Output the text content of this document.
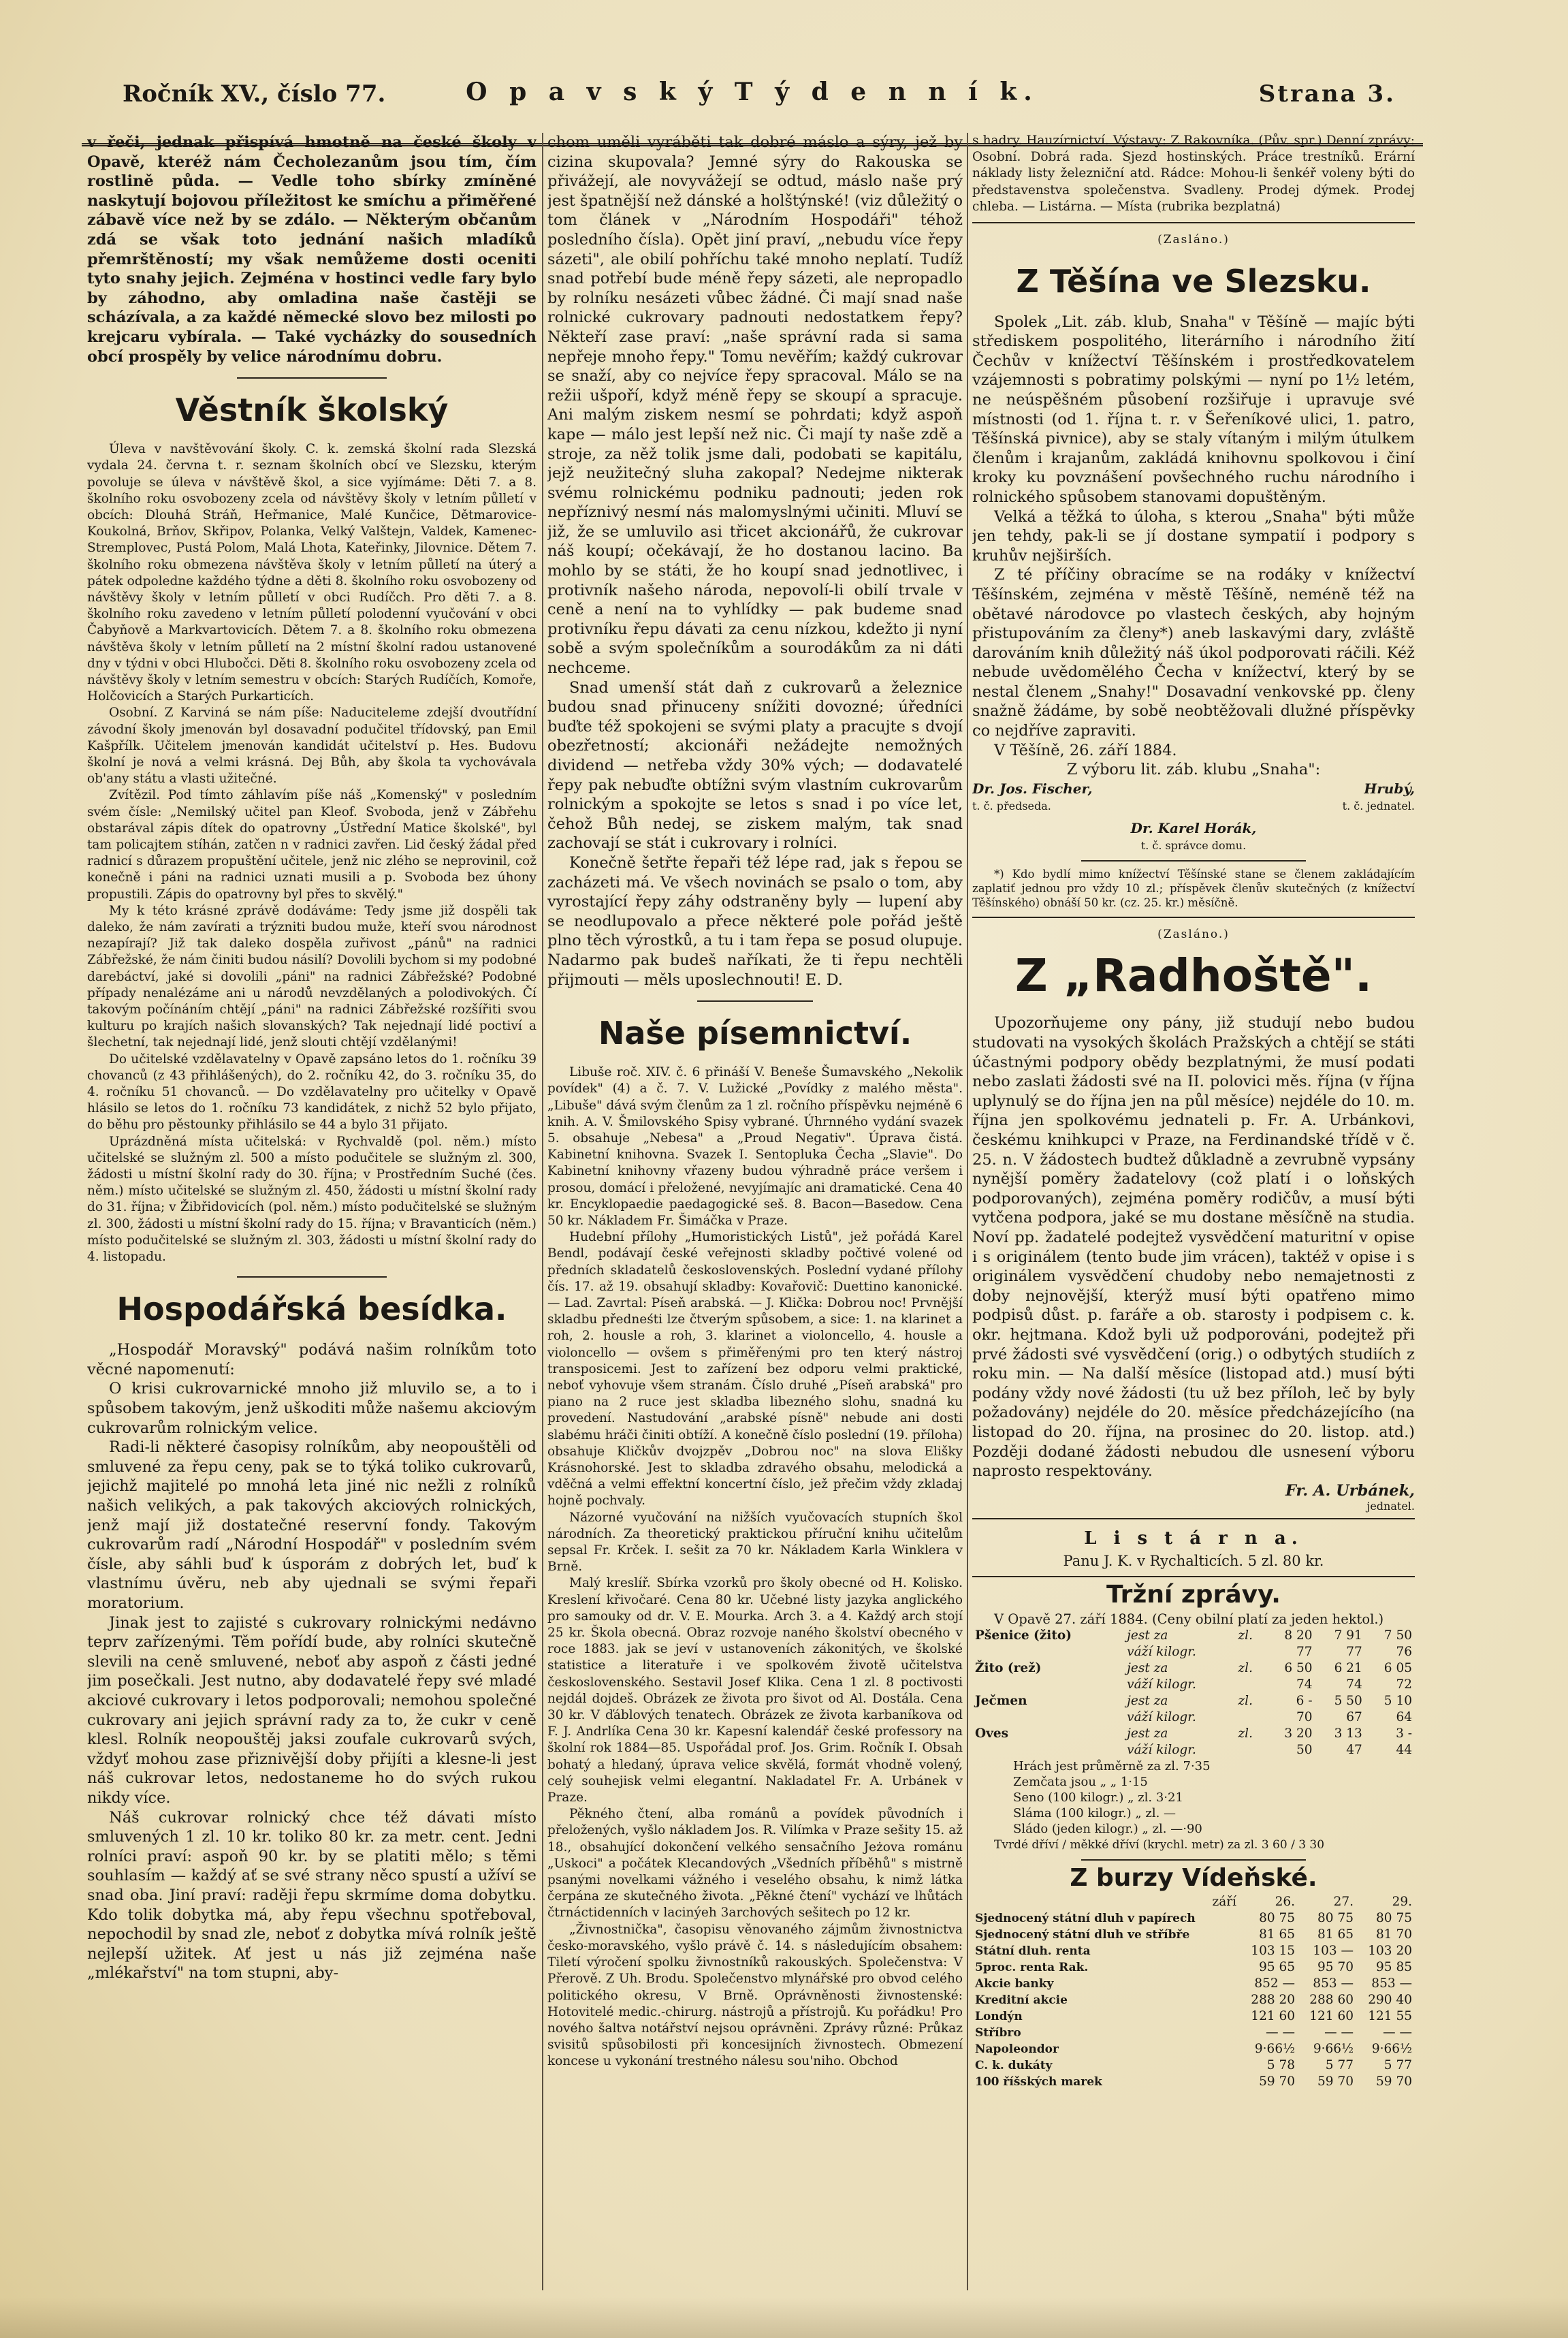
Ročník XV., číslo 77.	O p a v s k ý T ý d e n n í k.	Strana 3.

v řeči, jednak přispívá hmotně na české školy v Opavě, kteréž nám Čecholezanům jsou tím, čím rostlině půda. — Vedle toho sbírky zmíněné naskytují bojovou příležitost ke smíchu a přiměřené zábavě více než by se zdálo. — Některým občanům zdá se však toto jednání našich mladíků přemrštěností; my však nemůžeme dosti oceniti tyto snahy jejich. Zejména v hostinci vedle fary bylo by záhodno, aby omladina naše častěji se scházívala, a za každé německé slovo bez milosti po krejcaru vybírala. — Také vycházky do sousedních obcí prospěly by velice národnímu dobru.

Věstník školský

Úleva v navštěvování školy. C. k. zemská školní rada Slezská vydala 24. června t. r. seznam školních obcí ve Slezsku, kterým povoluje se úleva v návštěvě škol, a sice vyjímáme: Děti 7. a 8. školního roku osvobozeny zcela od návštěvy školy v letním půlletí v obcích: Dlouhá Stráň, Heřmanice, Malé Kunčice, Dětmarovice-Koukolná, Brňov, Skřipov, Polanka, Velký Valštejn, Valdek, Kamenec-Stremplovec, Pustá Polom, Malá Lhota, Kateřinky, Jilovnice. Dětem 7. školního roku obmezena návštěva školy v letním půlletí na úterý a pátek odpoledne každého týdne a děti 8. školního roku osvobozeny od návštěvy školy v letním půlletí v obci Rudíčch. Pro děti 7. a 8. školního roku zavedeno v letním půlletí polodenní vyučování v obci Čabyňově a Markvartovicích. Dětem 7. a 8. školního roku obmezena návštěva školy v letním půlletí na 2 místní školní radou ustanovené dny v týdni v obci Hlubočci. Děti 8. školního roku osvobozeny zcela od návštěvy školy v letním semestru v obcích: Starých Rudíčích, Komoře, Holčovicích a Starých Purkarticích.

Osobní. Z Karviná se nám píše: Naduciteleme zdejší dvoutřídní závodní školy jmenován byl dosavadní podučitel třídovský, pan Emil Kašpřílk. Učitelem jmenován kandidát učitelství p. Hes. Budovu školní je nová a velmi krásná. Dej Bůh, aby škola ta vychovávala ob'any státu a vlasti užitečné.

Zvítězil. Pod tímto záhlavím píše náš „Komenský" v posledním svém čísle: „Nemilský učitel pan Kleof. Svoboda, jenž v Zábřehu obstarával zápis dítek do opatrovny „Ústřední Matice školské", byl tam policajtem stíhán, zatčen n v radnici zavřen. Lid český žádal před radnicí s důrazem propuštění učitele, jenž nic zlého se neprovinil, což konečně i páni na radnici uznati musili a p. Svoboda bez úhony propustili. Zápis do opatrovny byl přes to skvělý."

My k této krásné zprávě dodáváme: Tedy jsme již dospěli tak daleko, že nám zavírati a trýzniti budou muže, kteří svou národnost nezapírají? Již tak daleko dospěla zuřivost „pánů" na radnici Zábřežské, že nám činiti budou násilí? Dovolili bychom si my podobné darebáctví, jaké si dovolili „páni" na radnici Zábřežské? Podobné případy nenalézáme ani u národů nevzdělaných a polodivokých. Čí takovým počínáním chtějí „páni" na radnici Zábřežské rozšířiti svou kulturu po krajích našich slovanských? Tak nejednají lidé poctiví a šlechetní, tak nejednají lidé, jenž slouti chtějí vzdělanými!

Do učitelské vzdělavatelny v Opavě zapsáno letos do 1. ročníku 39 chovanců (z 43 přihlášených), do 2. ročníku 42, do 3. ročníku 35, do 4. ročníku 51 chovanců. — Do vzdělavatelny pro učitelky v Opavě hlásilo se letos do 1. ročníku 73 kandidátek, z nichž 52 bylo přijato, do běhu pro pěstounky přihlásilo se 44 a bylo 31 přijato.

Uprázdněná místa učitelská: v Rychvaldě (pol. něm.) místo učitelské se služným zl. 500 a místo podučitele se služným zl. 300, žádosti u místní školní rady do 30. října; v Prostředním Suché (čes. něm.) místo učitelské se služným zl. 450, žádosti u místní školní rady do 31. října; v Žibřidovicích (pol. něm.) místo podučitelské se služným zl. 300, žádosti u místní školní rady do 15. října; v Bravanticích (něm.) místo podučitelské se služným zl. 303, žádosti u místní školní rady do 4. listopadu.

Hospodářská besídka.

„Hospodář Moravský" podává našim rolníkům toto věcné napomenutí:

O krisi cukrovarnické mnoho již mluvilo se, a to i spůsobem takovým, jenž uškoditi může našemu akciovým cukrovarům rolnickým velice.

Radi-li některé časopisy rolníkům, aby neopouštěli od smluvené za řepu ceny, pak se to týká toliko cukrovarů, jejichž majitelé po mnohá leta jiné nic nežli z rolníků našich velikých, a pak takových akciových rolnických, jenž mají již dostatečné reservní fondy. Takovým cukrovarům radí „Národní Hospodář" v posledním svém čísle, aby sáhli buď k úsporám z dobrých let, buď k vlastnímu úvěru, neb aby ujednali se svými řepaři moratorium.

Jinak jest to zajisté s cukrovary rolnickými nedávno teprv zařízenými. Těm pořídí bude, aby rolníci skutečně slevili na ceně smluvené, neboť aby aspoň z části jedné jim posečkali. Jest nutno, aby dodavatelé řepy své mladé akciové cukrovary i letos podporovali; nemohou společné cukrovary ani jejich správní rady za to, že cukr v ceně klesl. Rolník neopouštěj jaksi zoufale cukrovarů svých, vždyť mohou zase přiznivější doby přijíti a klesne-li jest náš cukrovar letos, nedostaneme ho do svých rukou nikdy více.

Náš cukrovar rolnický chce též dávati místo smluvených 1 zl. 10 kr. toliko 80 kr. za metr. cent. Jedni rolníci praví: aspoň 90 kr. by se platiti mělo; s těmi souhlasím — každý ať se své strany něco spustí a užíví se snad oba. Jiní praví: raději řepu skrmíme doma dobytku. Kdo tolik dobytka má, aby řepu všechnu spotřeboval, nepochodil by snad zle, neboť z dobytka mívá rolník ještě nejlepší užitek. Ať jest u nás již zejména naše „mlékařství" na tom stupni, aby-

chom uměli vyráběti tak dobré máslo a sýry, jež by cizina skupovala? Jemné sýry do Rakouska se přivážejí, ale novyvážejí se odtud, máslo naše prý jest špatnější než dánské a holštýnské! (viz důležitý o tom článek v „Národním Hospodáři" téhož posledního čísla). Opět jiní praví, „nebudu více řepy sázeti", ale obilí pohříchu také mnoho neplatí. Tudíž snad potřebí bude méně řepy sázeti, ale nepropadlo by rolníku nesázeti vůbec žádné. Či mají snad naše rolnické cukrovary padnouti nedostatkem řepy? Někteří zase praví: „naše správní rada si sama nepřeje mnoho řepy." Tomu nevěřím; každý cukrovar se snaží, aby co nejvíce řepy spracoval. Málo se na režii ušpoří, když méně řepy se skoupí a spracuje. Ani malým ziskem nesmí se pohrdati; když aspoň kape — málo jest lepší než nic. Či mají ty naše zdě a stroje, za něž tolik jsme dali, podobati se kapitálu, jejž neužitečný sluha zakopal? Nedejme nikterak svému rolnickému podniku padnouti; jeden rok nepříznivý nesmí nás malomyslnými učiniti. Mluví se již, že se umluvilo asi třicet akcionářů, že cukrovar náš koupí; očekávají, že ho dostanou lacino. Ba mohlo by se státi, že ho koupí snad jednotlivec, i protivník našeho národa, nepovolí-li obilí trvale v ceně a není na to vyhlídky — pak budeme snad protivníku řepu dávati za cenu nízkou, kdežto ji nyní sobě a svým společníkům a sourodákům za ni dáti nechceme.

Snad umenší stát daň z cukrovarů a železnice budou snad přinuceny snížiti dovozné; úředníci buďte též spokojeni se svými platy a pracujte s dvojí obezřetností; akcionáři nežádejte nemožných dividend — netřeba vždy 30% vých; — dodavatelé řepy pak nebuďte obtížni svým vlastním cukrovarům rolnickým a spokojte se letos s snad i po více let, čehož Bůh nedej, se ziskem malým, tak snad zachovají se stát i cukrovary i rolníci.

Konečně šetřte řepaři též lépe rad, jak s řepou se zacházeti má. Ve všech novinách se psalo o tom, aby vyrostající řepy záhy odstraněny byly — lupení aby se neodlupovalo a přece některé pole pořád ještě plno těch výrostků, a tu i tam řepa se posud olupuje. Nadarmo pak budeš naříkati, že ti řepu nechtěli přijmouti — měls uposlechnouti! E. D.

Naše písemnictví.

Libuše roč. XIV. č. 6 přináší V. Beneše Šumavského „Nekolik povídek" (4) a č. 7. V. Lužické „Povídky z malého města". „Libuše" dává svým členům za 1 zl. ročního příspěvku nejméně 6 knih. A. V. Šmilovského Spisy vybrané. Úhrnného vydání svazek 5. obsahuje „Nebesa" a „Proud Negativ". Úprava čistá. Kabinetní knihovna. Svazek I. Sentoplukа Čecha „Slavie". Do Kabinetní knihovny vřazeny budou výhradně práce veršem i prosou, domácí i přeložené, nevyjímajíc ani dramatické. Cena 40 kr. Encyklopaedie paedagogické seš. 8. Bacon—Basedow. Cena 50 kr. Nákladem Fr. Šimáčka v Praze.

Hudební přílohy „Humoristických Listů", jež pořádá Karel Bendl, podávají české veřejnosti skladby počtivé volené od předních skladatelů československých. Poslední vydané přílohy čís. 17. až 19. obsahují skladby: Kovařovič: Duettino kanonické. — Lad. Zavrtal: Píseň arabská. — J. Klička: Dobrou noc! Prvnější skladbu předneśti lze čtverým spůsobem, a sice: 1. na klarinet a roh, 2. housle a roh, 3. klarinet a violoncello, 4. housle a violoncello — ovšem s přiměřenými pro ten který nástroj transposicemi. Jest to zařízení bez odporu velmi praktické, neboť vyhovuje všem stranám. Číslo druhé „Píseň arabská" pro piano na 2 ruce jest skladba libezného slohu, snadná ku provedení. Nastudování „arabské písně" nebude ani dosti slabému hráči činiti obtíží. A konečně číslo poslední (19. příloha) obsahuje Kličkův dvojzpěv „Dobrou noc" na slova Elišky Krásnohorské. Jest to skladba zdravého obsahu, melodická a vděčná a velmi effektní koncertní číslo, jež přečim vždy zkladaj hojně pochvaly.

Názorné vyučování na nižších vyučovacích stupních škol národních. Za theoretický praktickou příruční knihu učitelům sepsal Fr. Krček. I. sešit za 70 kr. Nákladem Karla Winklera v Brně.

Malý kreslíř. Sbírka vzorků pro školy obecné od H. Kolisko. Kreslení křivočaré. Cena 80 kr. Učebné listy jazyka anglického pro samouky od dr. V. E. Mourka. Arch 3. a 4. Každý arch stojí 25 kr. Škola obecná. Obraz rozvoje naného školství obecného v roce 1883. jak se jeví v ustanoveních zákonitých, ve školské statistice a literatuře i ve spolkovém životě učitelstva československého. Sestavil Josef Klika. Cena 1 zl. 8 poctivosti nejdál dojdeš. Obrázek ze života pro šivot od Al. Dostála. Cena 30 kr. V ďáblových tenatech. Obrázek ze života karbaníkova od F. J. Andrlíka Cena 30 kr. Kapesní kalendář české professory na školní rok 1884—85. Uspořádal prof. Jos. Grim. Ročník I. Obsah bohatý a hledaný, úprava velice skvělá, formát vhodně volený, celý souhejisk velmi elegantní. Nakladatel Fr. A. Urbánek v Praze.

Pěkného čtení, alba románů a povídek původních i přeložených, vyšlo nákladem Jos. R. Vilímka v Praze sešity 15. až 18., obsahující dokončení velkého sensačního Jeżova románu „Uskoci" a počátek Klecandových „Všedních příběhů" s mistrně psanými novelkami vážného i veselého obsahu, k nimž látka čerpána ze skutečného života. „Pěkné čtení" vychází ve lhůtách čtrnáctidenních v lacinýeh 3archových sešitech po 12 kr.

„Živnostnička", časopisu věnovaného zájmům živnostnictva česko-moravského, vyšlo právě č. 14. s následujícím obsahem: Tiletí výročení spolku živnostníků rakouských. Společenstva: V Přerově. Z Uh. Brodu. Společenstvo mlynářské pro obvod celého politického okresu, V Brně. Oprávněnosti živnostenské: Hotovitelé medic.-chirurg. nástrojů a přístrojů. Ku pořádku! Pro nového šaltva notářství nejsou oprávněni. Zprávy různé: Průkaz svisitů spůsobilosti při koncesijních živnostech. Obmezení koncese u vykonání trestného nálesu sou'niho. Obchod

s hadry. Hauzírnictví. Výstavy: Z Rakovníka. (Pův. spr.) Denní zprávy: Osobní. Dobrá rada. Sjezd hostinských. Práce trestníků. Erární náklady listy železniční atd. Rádce: Mohou-li šenkéř voleny býti do představenstva společenstva. Svadleny. Prodej dýmek. Prodej chleba. — Listárna. — Místa (rubrika bezplatná)

(Zasláno.)
Z Těšína ve Slezsku.

Spolek „Lit. záb. klub, Snaha" v Těšíně — majíc býti střediskem pospolitého, literárního i národního žití Čechův v knížectví Těšínském i prostředkovatelem vzájemnosti s pobratimy polskými — nyní po 1½ letém, ne neúspěšném působení rozšiřuje i upravuje své místnosti (od 1. října t. r. v Šeřeníkové ulici, 1. patro, Těšínská pivnice), aby se staly vítaným i milým útulkem členům i krajanům, zakládá knihovnu spolkovou i činí kroky ku povznášení povšechného ruchu národního i rolnického spůsobem stanovami dopuštěným.

Velká a těžká to úloha, s kterou „Snaha" býti může jen tehdy, pak-li se jí dostane sympatií i podpory s kruhův nejširších.

Z té příčiny obracíme se na rodáky v knížectví Těšínském, zejména v městě Těšíně, neméně též na obětavé národovce po vlastech českých, aby hojným přistupováním za členy*) aneb laskavými dary, zvláště darováním knih důležitý náš úkol podporovati ráčili. Kéž nebude uvědomělého Čecha v knížectví, který by se nestal členem „Snahy!" Dosavadní venkovské pp. členy snažně žádáme, by sobě neobtěžovali dlužné příspěvky co nejdříve zapraviti.

V Těšíně, 26. září 1884.

Z výboru lit. záb. klubu „Snaha":

Dr. Jos. Fischer,	Hrubý,
t. č. předseda.	t. č. jednatel.
Dr. Karel Horák,
t. č. správce domu.

*) Kdo bydlí mimo knížectví Těšínské stane se členem zakládajícím zaplatiť jednou pro vždy 10 zl.; příspěvek členův skutečných (z knížectví Těšínského) obnáší 50 kr. (cz. 25. kr.) měsíčně.

(Zasláno.)
Z „Radhoště".

Upozorňujeme ony pány, již studují nebo budou studovati na vysokých školách Pražských a chtějí se státi účastnými podpory obědy bezplatnými, že musí podati nebo zaslati žádosti své na II. polovici měs. října (v října uplynulý se do října jen na půl měsíce) nejdéle do 10. m. října jen spolkovému jednateli p. Fr. A. Urbánkovi, českému knihkupci v Praze, na Ferdinandské třídě v č. 25. n. V žádostech budtež důkladně a zevrubně vypsány nynější poměry žadatelovy (což platí i o loňských podporovaných), zejména poměry rodičův, a musí býti vytčena podpora, jaké se mu dostane měsíčně na studia. Noví pp. žadatelé podejtež vysvědčení maturitní v opise i s originálem (tento bude jim vrácen), taktéž v opise i s originálem vysvědčení chudoby nebo nemajetnosti z doby nejnovější, kterýž musí býti opatřeno mimo podpisů důst. p. faráře a ob. starosty i podpisem c. k. okr. hejtmana. Kdož byli už podporováni, podejtež při prvé žádosti své vysvědčení (orig.) o odbytých studiích z roku min. — Na další měsíce (listopad atd.) musí býti podány vždy nové žádosti (tu už bez příloh, leč by byly požadovány) nejdéle do 20. měsíce předcházejícího (na listopad do 20. října, na prosinec do 20. listop. atd.) Později dodané žádosti nebudou dle usnesení výboru naprosto respektovány.

Fr. A. Urbánek,

jednatel.

L i s t á r n a.
Panu J. K. v Rychalticích. 5 zl. 80 kr.
Tržní zprávy.

V Opavě 27. září 1884. (Ceny obilní platí za jeden hektol.)

Pšenice (žito)	jest za	zl.	8 20	7 91	7 50
	váží kilogr.		77	77	76
Žito (rež)	jest za	zl.	6 50	6 21	6 05
	váží kilogr.		74	74	72
Ječmen	jest za	zl.	6 -	5 50	5 10
	váží kilogr.		70	67	64
Oves	jest za	zl.	3 20	3 13	3 -
	váží kilogr.		50	47	44
Hrách jest průměrně za zl. 7·35
Zemčata jsou „ „ 1·15
Seno (100 kilogr.) „ zl. 3·21
Sláma (100 kilogr.) „ zl. —
Sládo (jeden kilogr.) „ zl. —·90

Tvrdé dříví / měkké dříví (krychl. metr) za zl. 3 60 / 3 30

Z burzy Vídeňské.
	září	26.	27.	29.
Sjednocený státní dluh v papírech		80 75	80 75	80 75
Sjednocený státní dluh ve stříbře		81 65	81 65	81 70
Státní dluh. renta		103 15	103 —	103 20
5proc. renta Rak.		95 65	95 70	95 85
Akcie banky		852 —	853 —	853 —
Kreditní akcie		288 20	288 60	290 40
Londýn		121 60	121 60	121 55
Stříbro		— —	— —	— —
Napoleondor		9·66½	9·66½	9·66½
C. k. dukáty		5 78	5 77	5 77
100 říšských marek		59 70	59 70	59 70
